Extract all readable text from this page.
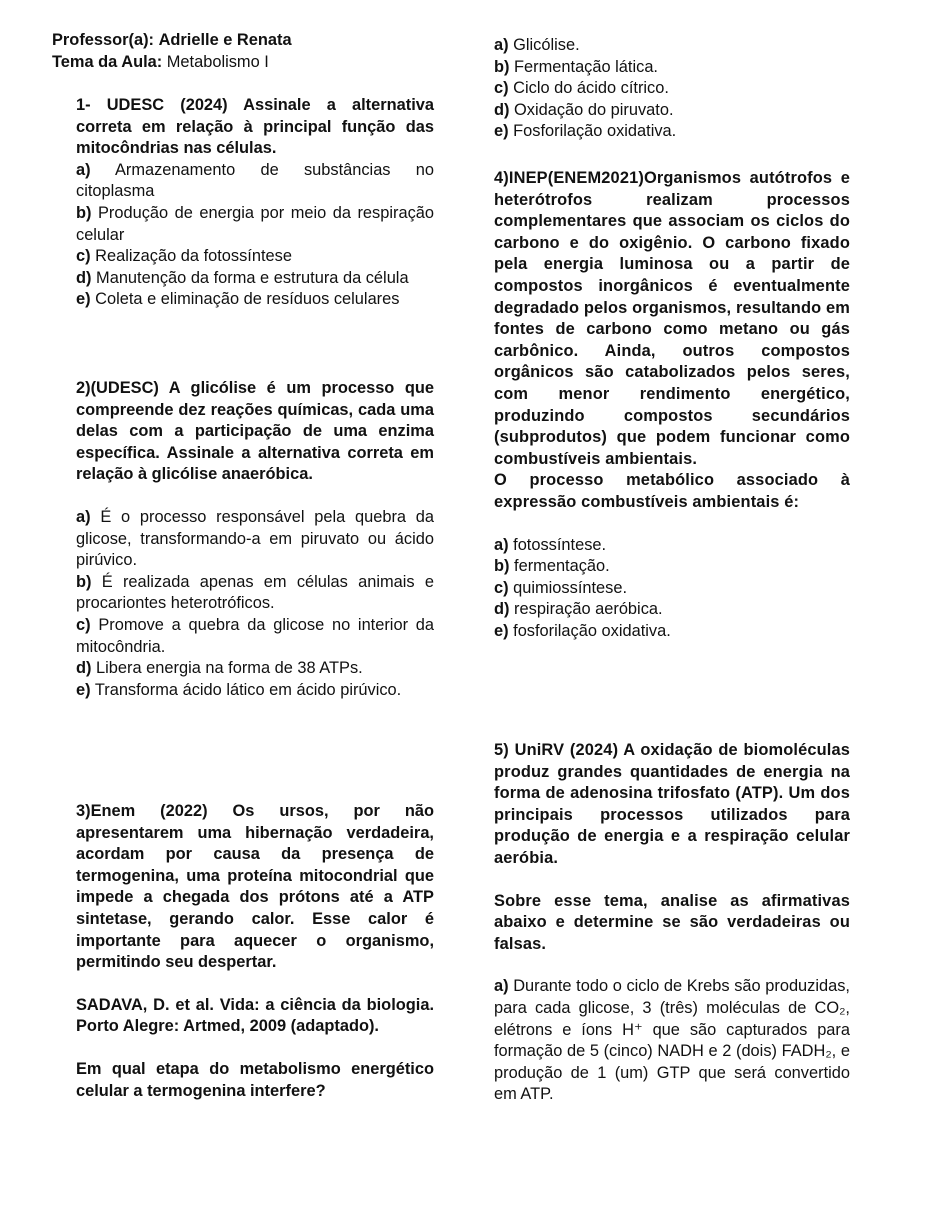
Professor(a): Adrielle e Renata
Tema da Aula: Metabolismo I

1- UDESC (2024) Assinale a alternativa correta em relação à principal função das mitocôndrias nas células.

a) Armazenamento de substâncias no citoplasma

b) Produção de energia por meio da respiração celular

c) Realização da fotossíntese

d) Manutenção da forma e estrutura da célula

e) Coleta e eliminação de resíduos celulares

2)(UDESC) A glicólise é um processo que compreende dez reações químicas, cada uma delas com a participação de uma enzima específica. Assinale a alternativa correta em relação à glicólise anaeróbica.

a) É o processo responsável pela quebra da glicose, transformando-a em piruvato ou ácido pirúvico.

b) É realizada apenas em células animais e procariontes heterotróficos.

c) Promove a quebra da glicose no interior da mitocôndria.

d) Libera energia na forma de 38 ATPs.

e) Transforma ácido lático em ácido pirúvico.

3)Enem (2022) Os ursos, por não apresentarem uma hibernação verdadeira, acordam por causa da presença de termogenina, uma proteína mitocondrial que impede a chegada dos prótons até a ATP sintetase, gerando calor. Esse calor é importante para aquecer o organismo, permitindo seu despertar.

SADAVA, D. et al. Vida: a ciência da biologia. Porto Alegre: Artmed, 2009 (adaptado).

Em qual etapa do metabolismo energético celular a termogenina interfere?

a) Glicólise.

b) Fermentação lática.

c) Ciclo do ácido cítrico.

d) Oxidação do piruvato.

e) Fosforilação oxidativa.

4)INEP(ENEM2021)Organismos autótrofos e heterótrofos realizam processos complementares que associam os ciclos do carbono e do oxigênio. O carbono fixado pela energia luminosa ou a partir de compostos inorgânicos é eventualmente degradado pelos organismos, resultando em fontes de carbono como metano ou gás carbônico. Ainda, outros compostos orgânicos são catabolizados pelos seres, com menor rendimento energético, produzindo compostos secundários (subprodutos) que podem funcionar como combustíveis ambientais.

O processo metabólico associado à expressão combustíveis ambientais é:

a) fotossíntese.

b) fermentação.

c) quimiossíntese.

d) respiração aeróbica.

e) fosforilação oxidativa.

5) UniRV (2024) A oxidação de biomoléculas produz grandes quantidades de energia na forma de adenosina trifosfato (ATP). Um dos principais processos utilizados para produção de energia e a respiração celular aeróbia.

Sobre esse tema, analise as afirmativas abaixo e determine se são verdadeiras ou falsas.

a) Durante todo o ciclo de Krebs são produzidas, para cada glicose, 3 (três) moléculas de CO₂, elétrons e íons H⁺ que são capturados para formação de 5 (cinco) NADH e 2 (dois) FADH₂, e produção de 1 (um) GTP que será convertido em ATP.
